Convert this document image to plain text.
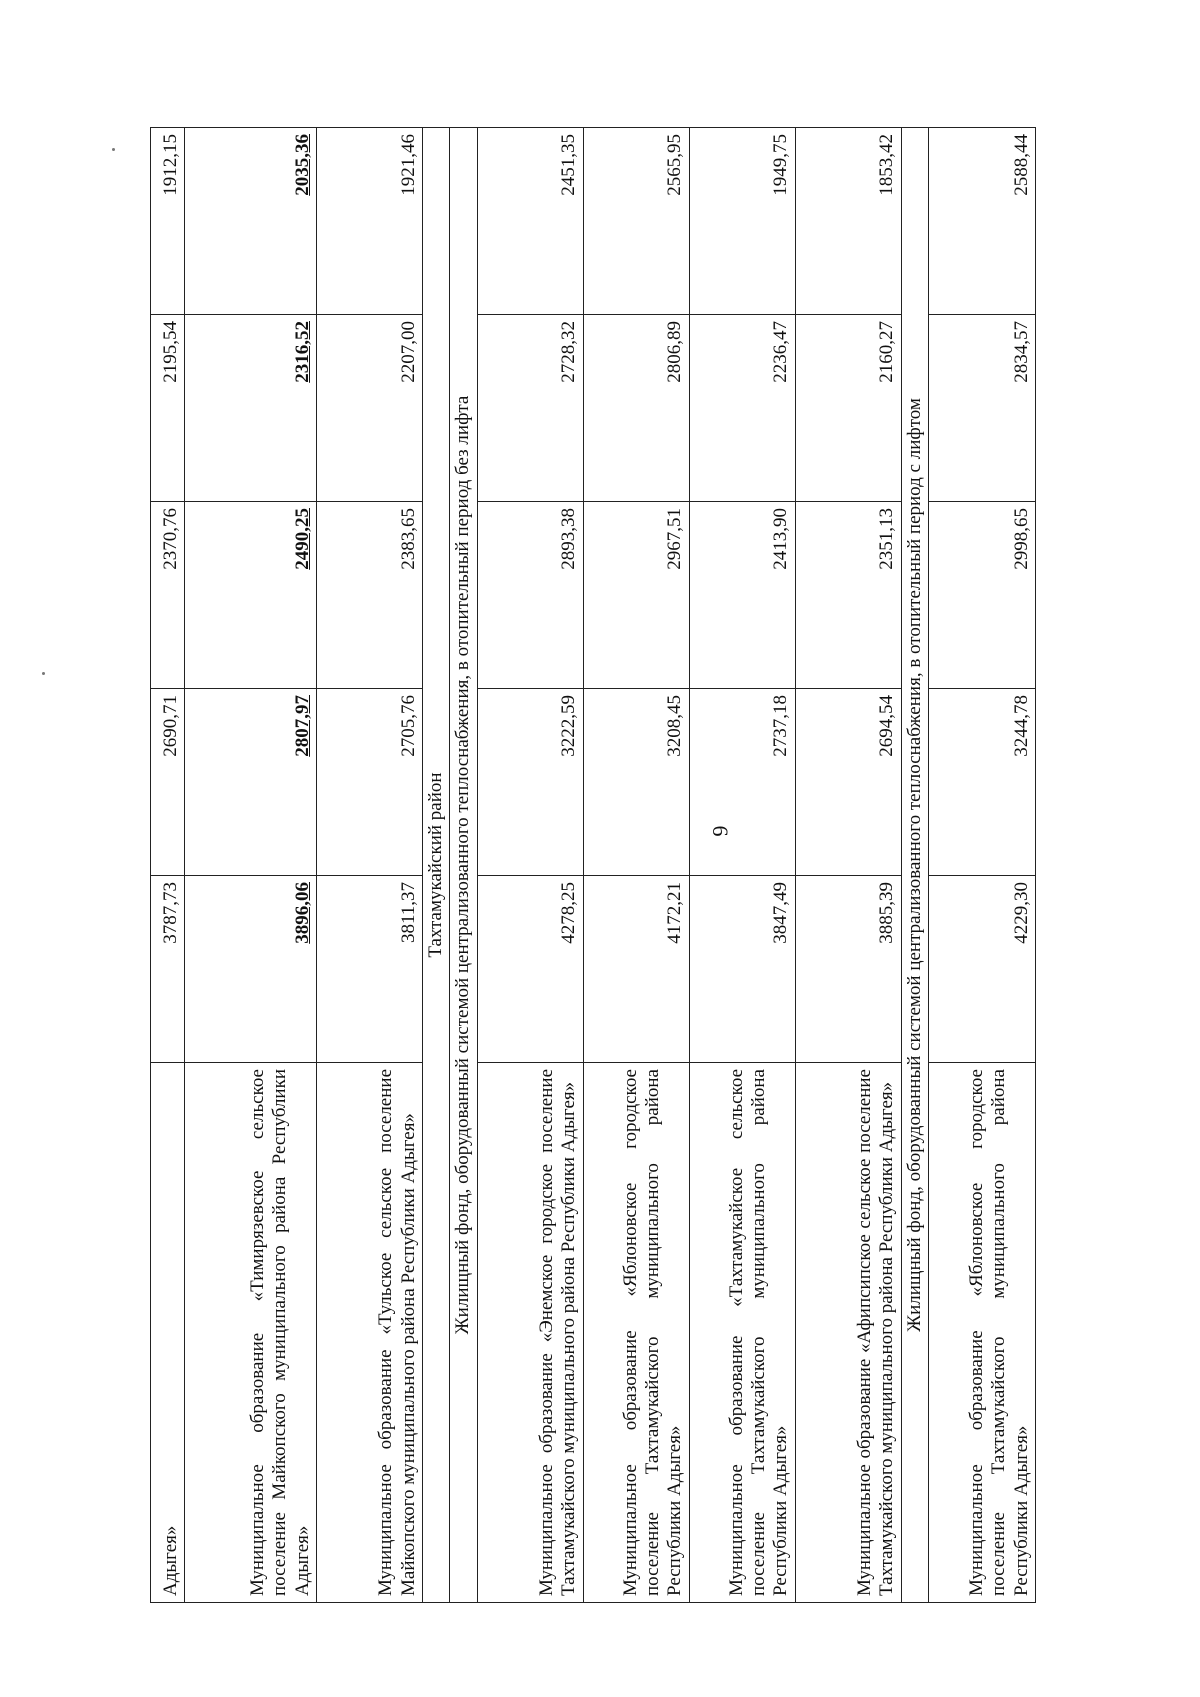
6
Адыгея»	3787,73	2690,71	2370,76	2195,54	1912,15
Муниципальное образование «Тимирязевское сельское поселение Майкопского муниципального района Республики Адыгея»	3896,06	2807,97	2490,25	2316,52	2035,36
Муниципальное образование «Тульское сельское поселение Майкопского муниципального района Республики Адыгея»	3811,37	2705,76	2383,65	2207,00	1921,46
Тахтамукайский район					
Жилищный фонд, оборудованный системой централизованного теплоснабжения, в отопительный период без лифта					
Муниципальное образование «Энемское городское поселение Тахтамукайского муниципального района Республики Адыгея»	4278,25	3222,59	2893,38	2728,32	2451,35
Муниципальное образование «Яблоновское городское поселение Тахтамукайского муниципального района Республики Адыгея»	4172,21	3208,45	2967,51	2806,89	2565,95
Муниципальное образование «Тахтамукайское сельское поселение Тахтамукайского муниципального района Республики Адыгея»	3847,49	2737,18	2413,90	2236,47	1949,75
Муниципальное образование «Афипсипское сельское поселение Тахтамукайского муниципального района Республики Адыгея»	3885,39	2694,54	2351,13	2160,27	1853,42
Жилищный фонд, оборудованный системой централизованного теплоснабжения, в отопительный период с лифтом					
Муниципальное образование «Яблоновское городское поселение Тахтамукайского муниципального района Республики Адыгея»	4229,30	3244,78	2998,65	2834,57	2588,44
